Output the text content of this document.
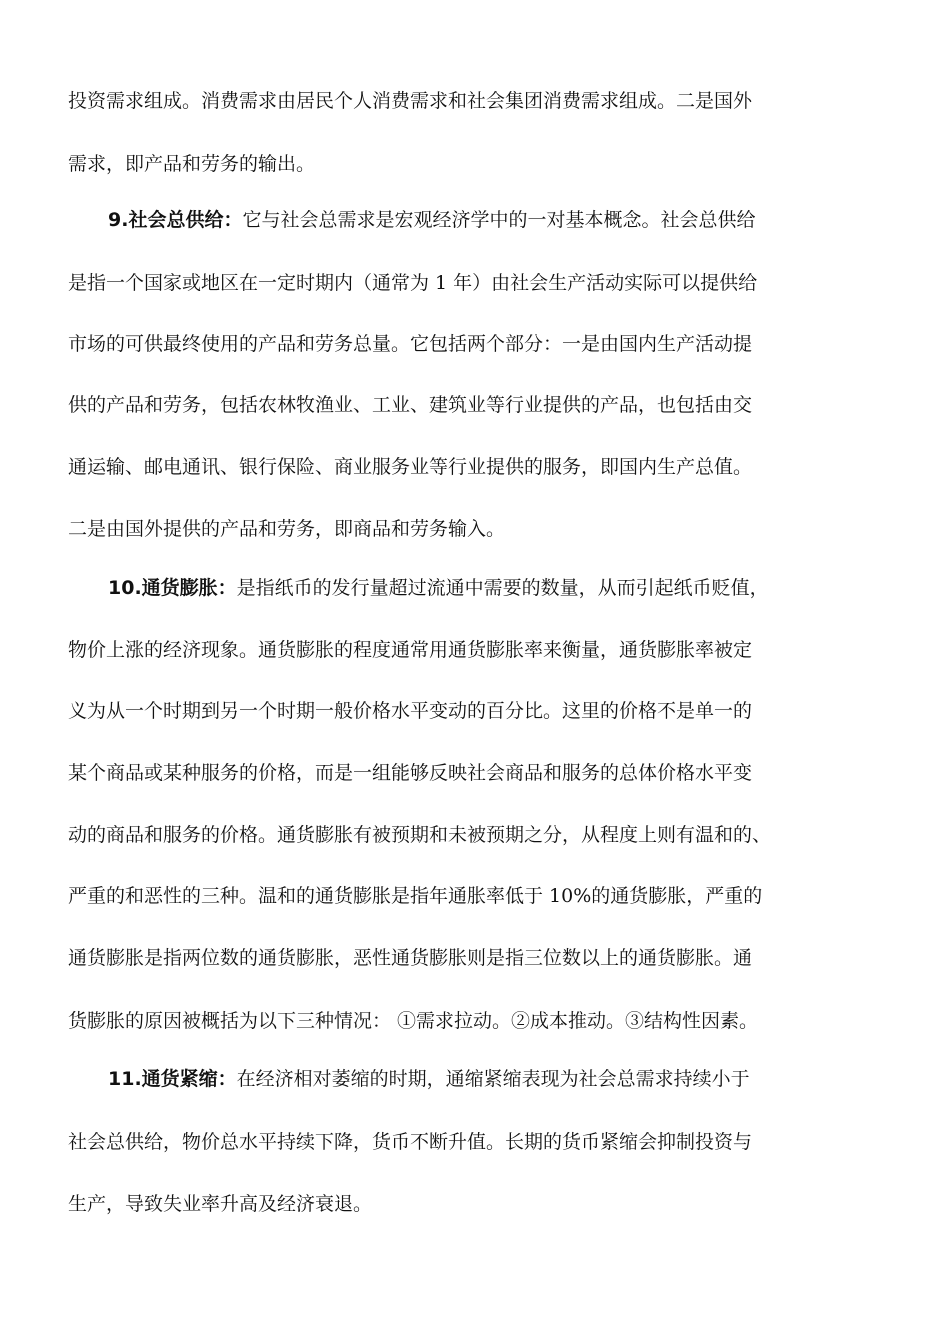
投资需求组成。消费需求由居民个人消费需求和社会集团消费需求组成。二是国外
需求，即产品和劳务的输出。
9.社会总供给：它与社会总需求是宏观经济学中的一对基本概念。社会总供给
是指一个国家或地区在一定时期内（通常为 1 年）由社会生产活动实际可以提供给
市场的可供最终使用的产品和劳务总量。它包括两个部分：一是由国内生产活动提
供的产品和劳务，包括农林牧渔业、工业、建筑业等行业提供的产品，也包括由交
通运输、邮电通讯、银行保险、商业服务业等行业提供的服务，即国内生产总值。
二是由国外提供的产品和劳务，即商品和劳务输入。
10.通货膨胀：是指纸币的发行量超过流通中需要的数量，从而引起纸币贬值，
物价上涨的经济现象。通货膨胀的程度通常用通货膨胀率来衡量，通货膨胀率被定
义为从一个时期到另一个时期一般价格水平变动的百分比。这里的价格不是单一的
某个商品或某种服务的价格，而是一组能够反映社会商品和服务的总体价格水平变
动的商品和服务的价格。通货膨胀有被预期和未被预期之分，从程度上则有温和的、
严重的和恶性的三种。温和的通货膨胀是指年通胀率低于 10%的通货膨胀，严重的
通货膨胀是指两位数的通货膨胀，恶性通货膨胀则是指三位数以上的通货膨胀。通
货膨胀的原因被概括为以下三种情况： ①需求拉动。②成本推动。③结构性因素。
11.通货紧缩：在经济相对萎缩的时期，通缩紧缩表现为社会总需求持续小于
社会总供给，物价总水平持续下降，货币不断升值。长期的货币紧缩会抑制投资与
生产，导致失业率升高及经济衰退。
